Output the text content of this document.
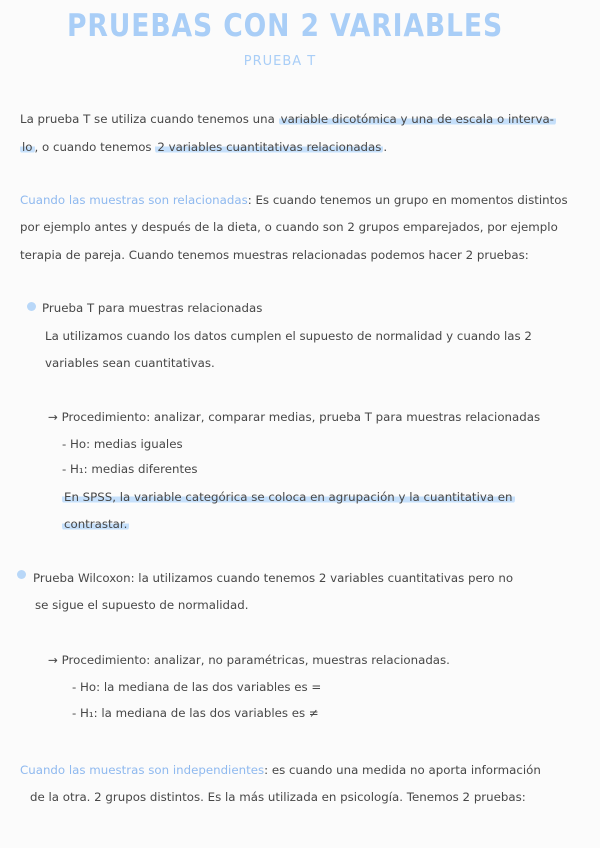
PRUEBAS CON 2 VARIABLES
PRUEBA T
La prueba T se utiliza cuando tenemos una variable dicotómica y una de escala o interva-
lo , o cuando tenemos 2 variables cuantitativas relacionadas .
Cuando las muestras son relacionadas: Es cuando tenemos un grupo en momentos distintos
por ejemplo antes y después de la dieta, o cuando son 2 grupos emparejados, por ejemplo
terapia de pareja. Cuando tenemos muestras relacionadas podemos hacer 2 pruebas:
Prueba T para muestras relacionadas
La utilizamos cuando los datos cumplen el supuesto de normalidad y cuando las 2
variables sean cuantitativas.
→ Procedimiento: analizar, comparar medias, prueba T para muestras relacionadas
- Ho: medias iguales
- H₁: medias diferentes
En SPSS, la variable categórica se coloca en agrupación y la cuantitativa en
contrastar.
Prueba Wilcoxon: la utilizamos cuando tenemos 2 variables cuantitativas pero no
se sigue el supuesto de normalidad.
→ Procedimiento: analizar, no paramétricas, muestras relacionadas.
- Ho: la mediana de las dos variables es =
- H₁: la mediana de las dos variables es ≠
Cuando las muestras son independientes: es cuando una medida no aporta información
de la otra. 2 grupos distintos. Es la más utilizada en psicología. Tenemos 2 pruebas:
